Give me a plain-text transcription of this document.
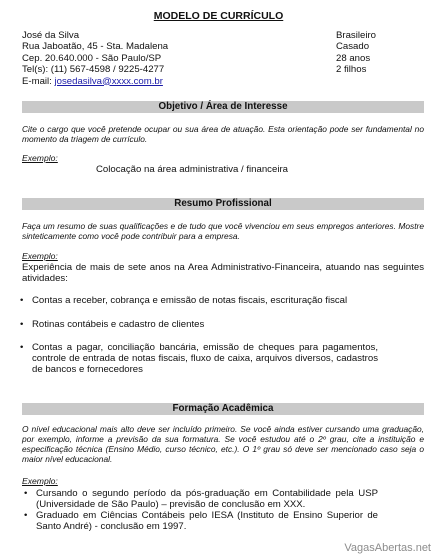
MODELO DE CURRÍCULO
José da Silva
Rua Jaboatão, 45 - Sta. Madalena
Cep. 20.640.000 - São Paulo/SP
Tel(s): (11) 567-4598 / 9225-4277
E-mail: josedasilva@xxxx.com.br
Brasileiro
Casado
28 anos
2 filhos
Objetivo / Área de Interesse
Cite o cargo que você pretende ocupar ou sua área de atuação. Esta orientação pode ser fundamental no momento da triagem de currículo.
Exemplo:
Colocação na área administrativa / financeira
Resumo Profissional
Faça um resumo de suas qualificações e de tudo que você vivenciou em seus empregos anteriores. Mostre sinteticamente como você pode contribuir para a empresa.
Exemplo:
Experiência de mais de sete anos na Area Administrativo-Financeira, atuando nas seguintes atividades:
• Contas a receber, cobrança e emissão de notas fiscais, escrituração fiscal
• Rotinas contábeis e cadastro de clientes
• Contas a pagar, conciliação bancária, emissão de cheques para pagamentos, controle de entrada de notas fiscais, fluxo de caixa, arquivos diversos, cadastros de bancos e fornecedores
Formação Acadêmica
O nível educacional mais alto deve ser incluído primeiro. Se você ainda estiver cursando uma graduação, por exemplo, informe a previsão da sua formatura. Se você estudou até o 2º grau, cite a instituição e especificação técnica (Ensino Médio, curso técnico, etc.). O 1º grau só deve ser mencionado caso seja o maior nível educacional.
Exemplo:
• Cursando o segundo período da pós-graduação em Contabilidade pela USP (Universidade de São Paulo) – previsão de conclusão em XXX.
• Graduado em Ciências Contábeis pelo IESA (Instituto de Ensino Superior de Santo André) - conclusão em 1997.
VagasAbertas.net
